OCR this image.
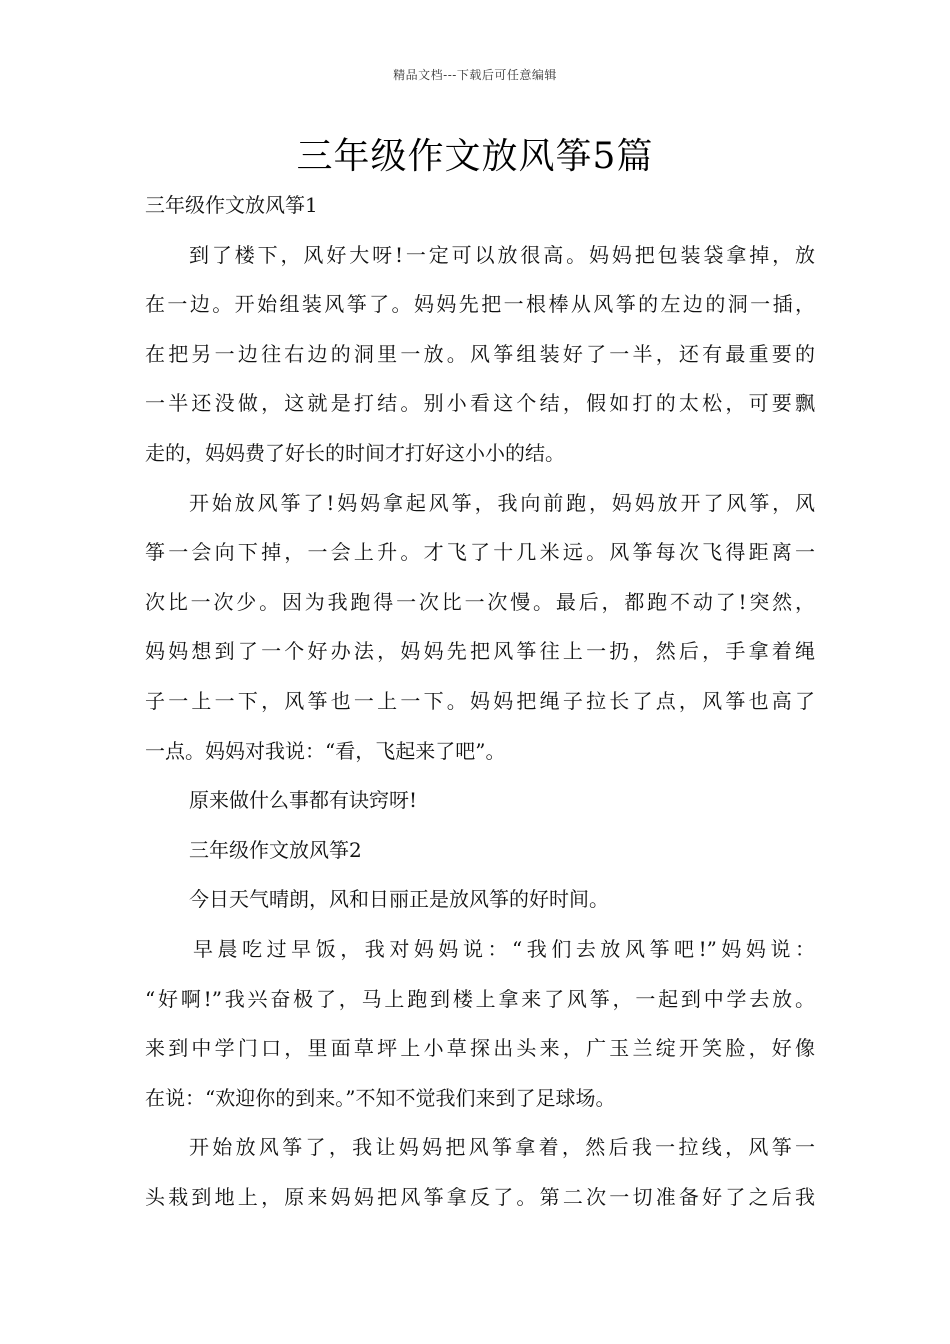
精品文档---下载后可任意编辑
三年级作文放风筝5篇
三年级作文放风筝1
到了楼下，风好大呀!一定可以放很高。妈妈把包装袋拿掉，放
在一边。开始组装风筝了。妈妈先把一根棒从风筝的左边的洞一插，
在把另一边往右边的洞里一放。风筝组装好了一半，还有最重要的
一半还没做，这就是打结。别小看这个结，假如打的太松，可要飘
走的，妈妈费了好长的时间才打好这小小的结。
开始放风筝了!妈妈拿起风筝，我向前跑，妈妈放开了风筝，风
筝一会向下掉，一会上升。才飞了十几米远。风筝每次飞得距离一
次比一次少。因为我跑得一次比一次慢。最后，都跑不动了!突然，
妈妈想到了一个好办法，妈妈先把风筝往上一扔，然后，手拿着绳
子一上一下，风筝也一上一下。妈妈把绳子拉长了点，风筝也高了
一点。妈妈对我说：“看，飞起来了吧”。
原来做什么事都有诀窍呀!
三年级作文放风筝2
今日天气晴朗，风和日丽正是放风筝的好时间。
早晨吃过早饭，我对妈妈说：“我们去放风筝吧!”妈妈说：
“好啊!”我兴奋极了，马上跑到楼上拿来了风筝，一起到中学去放。
来到中学门口，里面草坪上小草探出头来，广玉兰绽开笑脸，好像
在说：“欢迎你的到来。”不知不觉我们来到了足球场。
开始放风筝了，我让妈妈把风筝拿着，然后我一拉线，风筝一
头栽到地上，原来妈妈把风筝拿反了。第二次一切准备好了之后我
